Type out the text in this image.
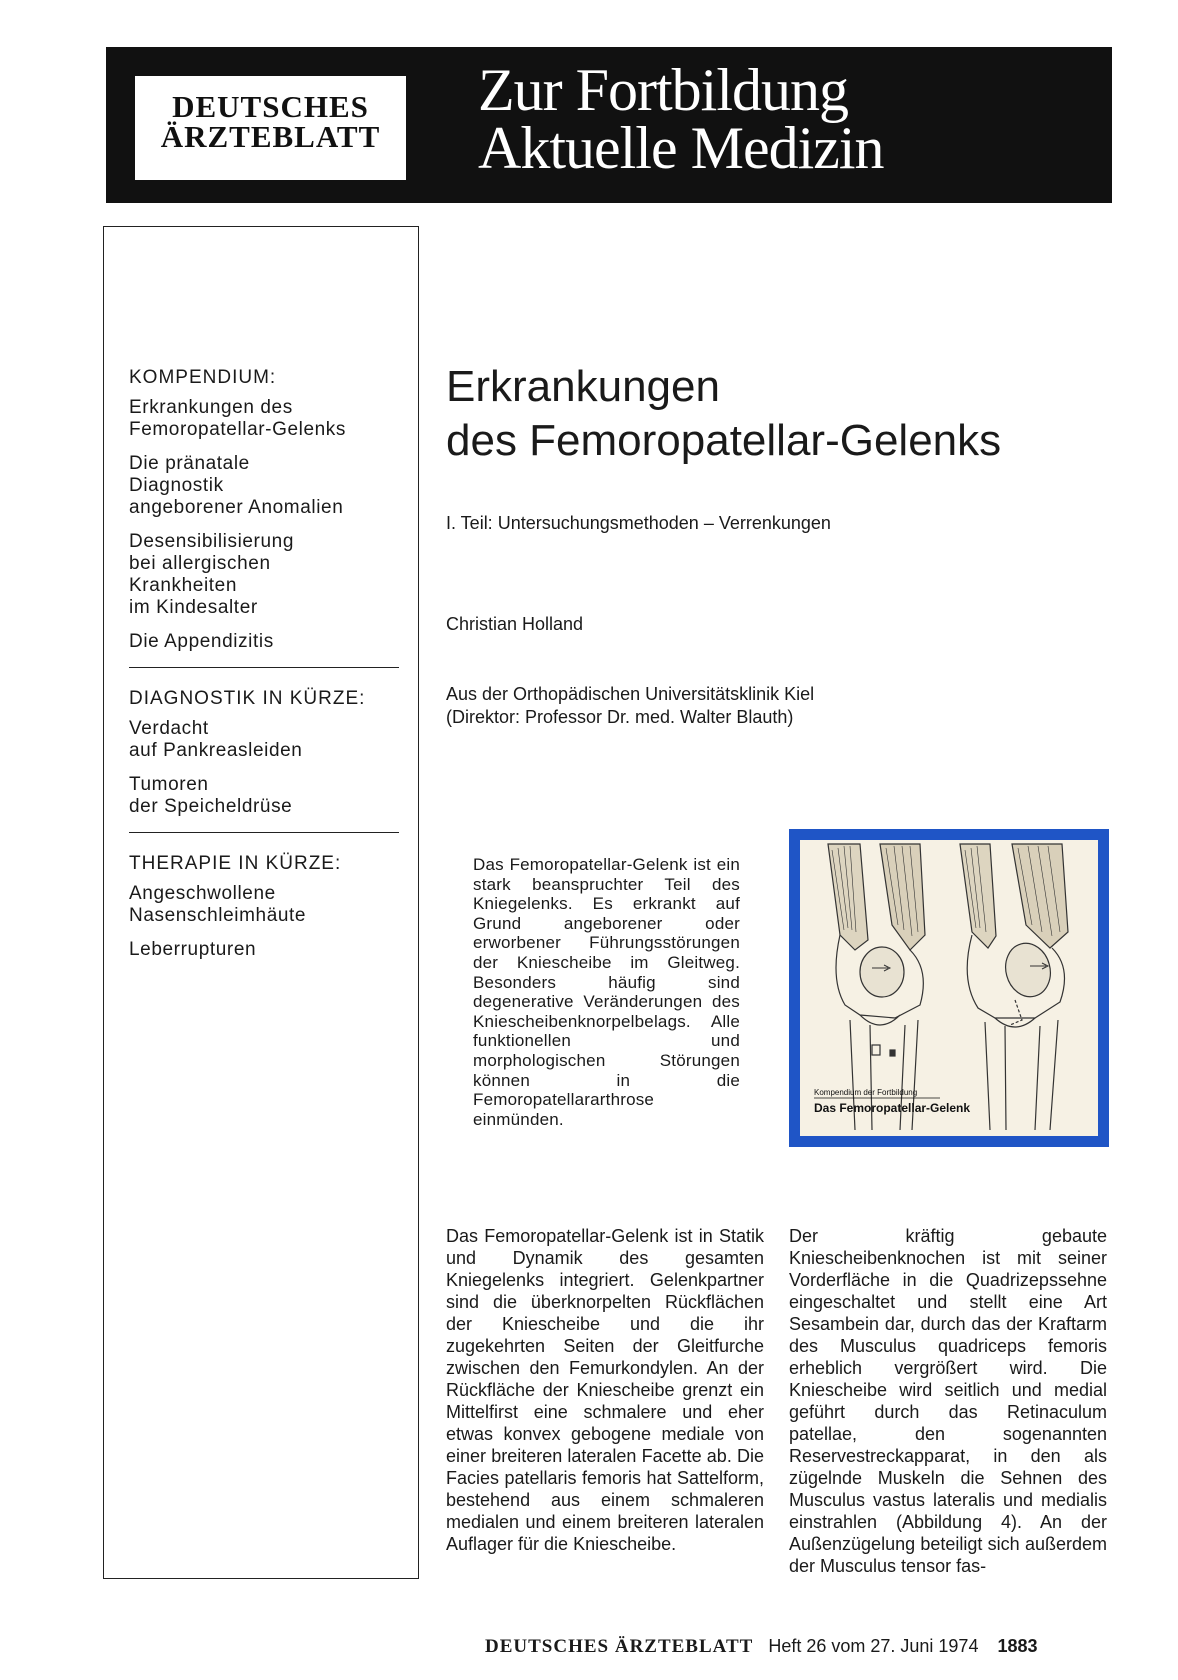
DEUTSCHES
ÄRZTEBLATT
Zur Fortbildung
Aktuelle Medizin
KOMPENDIUM:
Erkrankungen des
Femoropatellar-Gelenks
Die pränatale
Diagnostik
angeborener Anomalien
Desensibilisierung
bei allergischen
Krankheiten
im Kindesalter
Die Appendizitis
DIAGNOSTIK IN KÜRZE:
Verdacht
auf Pankreasleiden
Tumoren
der Speicheldrüse
THERAPIE IN KÜRZE:
Angeschwollene
Nasenschleimhäute
Leberrupturen
Erkrankungen
des Femoropatellar-Gelenks
I. Teil: Untersuchungsmethoden – Verrenkungen
Christian Holland
Aus der Orthopädischen Universitätsklinik Kiel
(Direktor: Professor Dr. med. Walter Blauth)
Das Femoropatellar-Gelenk ist ein stark beanspruchter Teil des Kniegelenks. Es erkrankt auf Grund angeborener oder erworbener Führungsstörungen der Kniescheibe im Gleitweg. Besonders häufig sind degenerative Veränderungen des Kniescheibenknorpelbelags. Alle funktionellen und morphologischen Störungen können in die Femoropatellararthrose einmünden.
Kompendium der Fortbildung
Das Femoropatellar-Gelenk
Das Femoropatellar-Gelenk ist in Statik und Dynamik des gesamten Kniegelenks integriert. Gelenkpartner sind die überknorpelten Rückflächen der Kniescheibe und die ihr zugekehrten Seiten der Gleitfurche zwischen den Femurkondylen. An der Rückfläche der Kniescheibe grenzt ein Mittelfirst eine schmalere und eher etwas konvex gebogene mediale von einer breiteren lateralen Facette ab. Die Facies patellaris femoris hat Sattelform, bestehend aus einem schmaleren medialen und einem breiteren lateralen Auflager für die Kniescheibe.
Der kräftig gebaute Kniescheibenknochen ist mit seiner Vorderfläche in die Quadrizepssehne eingeschaltet und stellt eine Art Sesambein dar, durch das der Kraftarm des Musculus quadriceps femoris erheblich vergrößert wird. Die Kniescheibe wird seitlich und medial geführt durch das Retinaculum patellae, den sogenannten Reservestreckapparat, in den als zügelnde Muskeln die Sehnen des Musculus vastus lateralis und medialis einstrahlen (Abbildung 4). An der Außenzügelung beteiligt sich außerdem der Musculus tensor fas-
DEUTSCHES ÄRZTEBLATT Heft 26 vom 27. Juni 1974 1883
